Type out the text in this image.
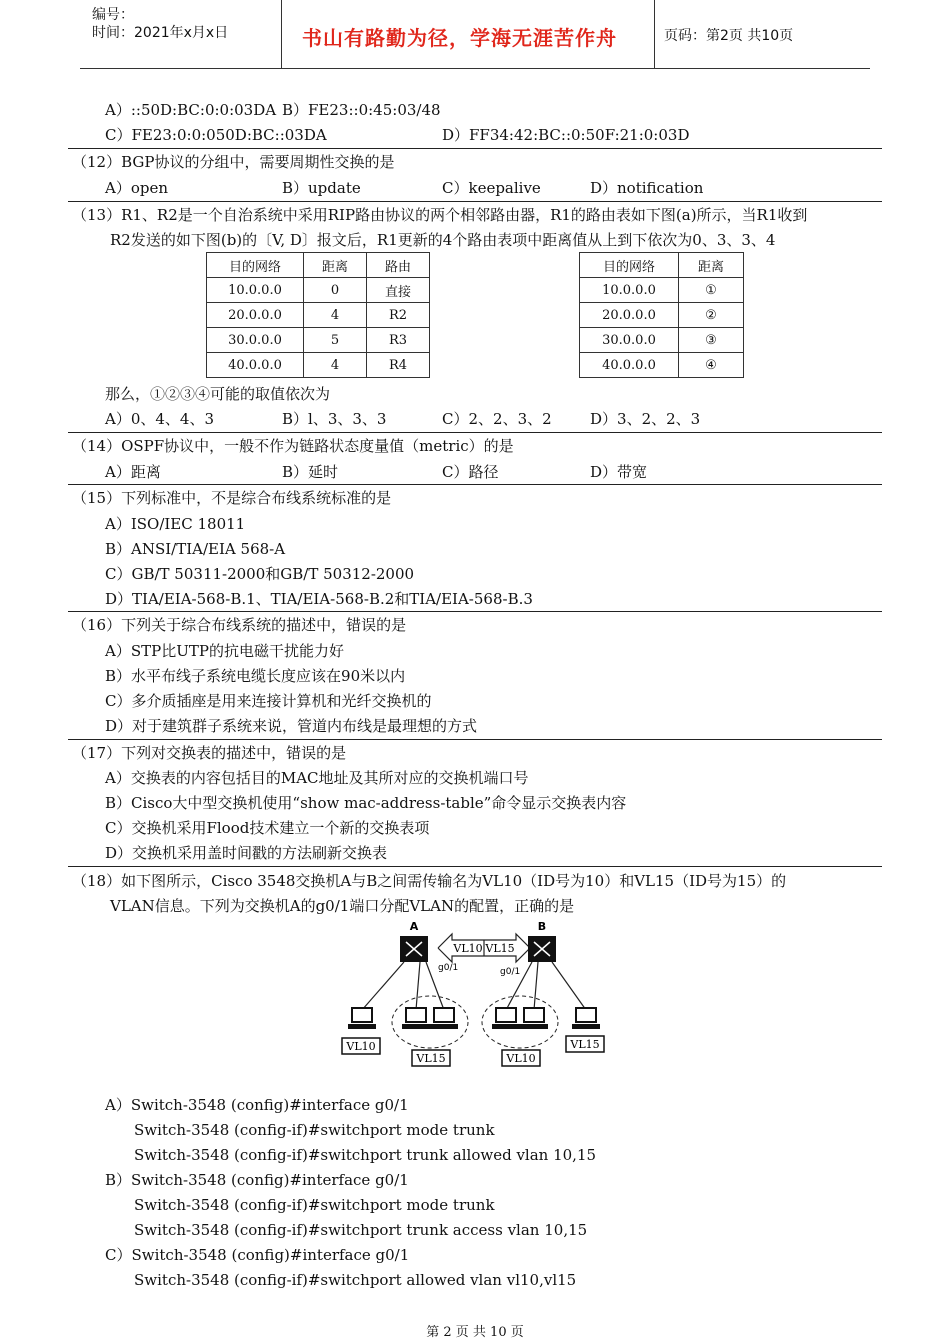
编号：
时间：2021年x月x日	书山有路勤为径，学海无涯苦作舟	页码：第2页 共10页
A）::50D:BC:0:0:03DA B）FE23::0:45:03/48
C）FE23:0:0:050D:BC::03DA	D）FF34:42:BC::0:50F:21:0:03D
（12）BGP协议的分组中，需要周期性交换的是
A）open	B）update	C）keepalive	D）notification
（13）R1、R2是一个自治系统中采用RIP路由协议的两个相邻路由器，R1的路由表如下图(a)所示，当R1收到
R2发送的如下图(b)的〔V, D〕报文后，R1更新的4个路由表项中距离值从上到下依次为0、3、3、4
目的网络	距离	路由
10.0.0.0	0	直接
20.0.0.0	4	R2
30.0.0.0	5	R3
40.0.0.0	4	R4
目的网络	距离
10.0.0.0	①
20.0.0.0	②
30.0.0.0	③
40.0.0.0	④
那么，①②③④可能的取值依次为
A）0、4、4、3	B）l、3、3、3	C）2、2、3、2	D）3、2、2、3
（14）OSPF协议中，一般不作为链路状态度量值（metric）的是
A）距离	B）延时	C）路径	D）带宽
（15）下列标准中，不是综合布线系统标准的是
A）ISO/IEC 18011
B）ANSI/TIA/EIA 568-A
C）GB/T 50311-2000和GB/T 50312-2000
D）TIA/EIA-568-B.1、TIA/EIA-568-B.2和TIA/EIA-568-B.3
（16）下列关于综合布线系统的描述中，错误的是
A）STP比UTP的抗电磁干扰能力好
B）水平布线子系统电缆长度应该在90米以内
C）多介质插座是用来连接计算机和光纤交换机的
D）对于建筑群子系统来说，管道内布线是最理想的方式
（17）下列对交换表的描述中，错误的是
A）交换表的内容包括目的MAC地址及其所对应的交换机端口号
B）Cisco大中型交换机使用“show mac-address-table”命令显示交换表内容
C）交换机采用Flood技术建立一个新的交换表项
D）交换机采用盖时间戳的方法刷新交换表
（18）如下图所示，Cisco 3548交换机A与B之间需传输名为VL10（ID号为10）和VL15（ID号为15）的
VLAN信息。下列为交换机A的g0/1端口分配VLAN的配置，正确的是
VL10 VL15
A	B
g0/1	g0/1
VL10
VL15	VL10
VL15
A）Switch-3548 (config)#interface g0/1
Switch-3548 (config-if)#switchport mode trunk
Switch-3548 (config-if)#switchport trunk allowed vlan 10,15
B）Switch-3548 (config)#interface g0/1
Switch-3548 (config-if)#switchport mode trunk
Switch-3548 (config-if)#switchport trunk access vlan 10,15
C）Switch-3548 (config)#interface g0/1
Switch-3548 (config-if)#switchport allowed vlan vl10,vl15
第 2 页 共 10 页
